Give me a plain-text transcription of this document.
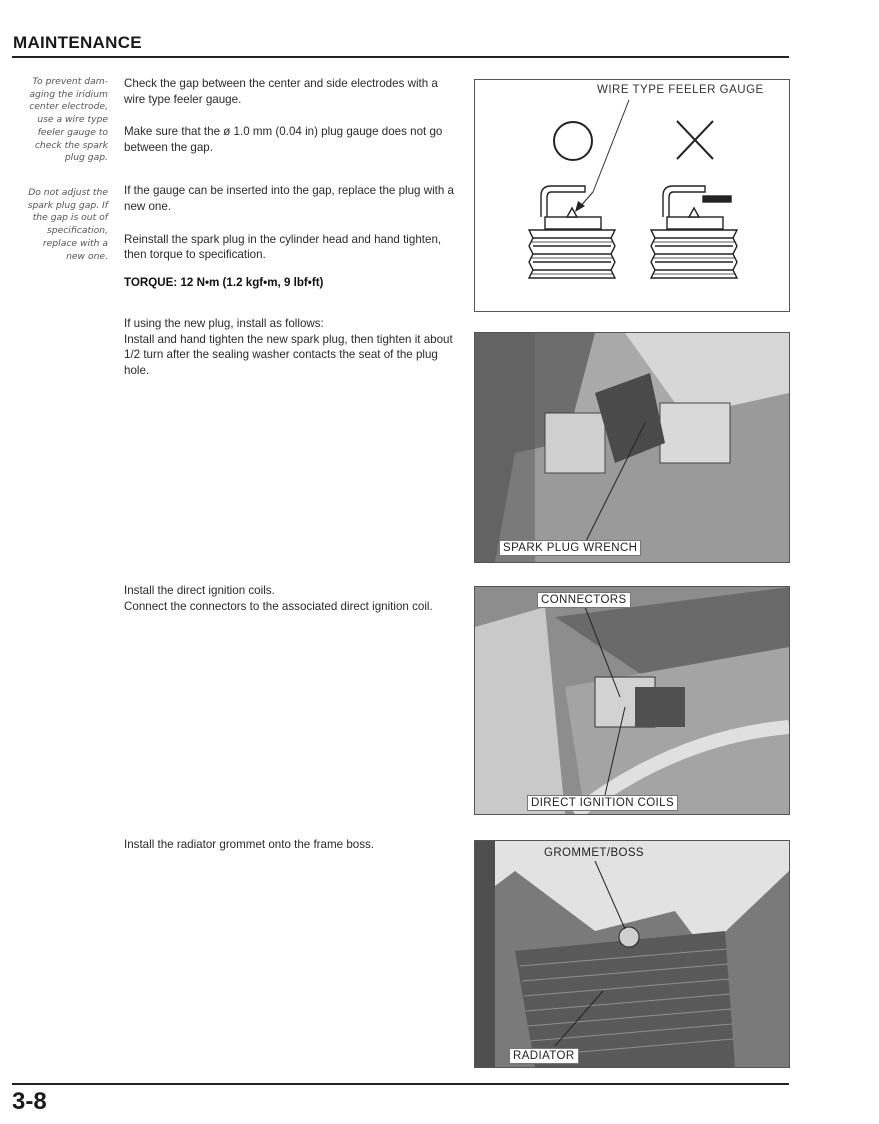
MAINTENANCE
To prevent dam-
aging the iridium
center electrode,
use a wire type
feeler gauge to
check the spark
plug gap.
Do not adjust the
spark plug gap. If
the gap is out of
specification,
replace with a
new one.

Check the gap between the center and side electrodes with a wire type feeler gauge.

Make sure that the ø 1.0 mm (0.04 in) plug gauge does not go between the gap.

If the gauge can be inserted into the gap, replace the plug with a new one.

Reinstall the spark plug in the cylinder head and hand tighten, then torque to specification.

TORQUE: 12 N•m (1.2 kgf•m, 9 lbf•ft)

If using the new plug, install as follows:

Install and hand tighten the new spark plug, then tighten it about 1/2 turn after the sealing washer contacts the seat of the plug hole.

Install the direct ignition coils.

Connect the connectors to the associated direct ignition coil.

Install the radiator grommet onto the frame boss.

WIRE TYPE FEELER GAUGE
SPARK PLUG WRENCH
CONNECTORS
DIRECT IGNITION COILS
GROMMET/BOSS
RADIATOR
3-8
